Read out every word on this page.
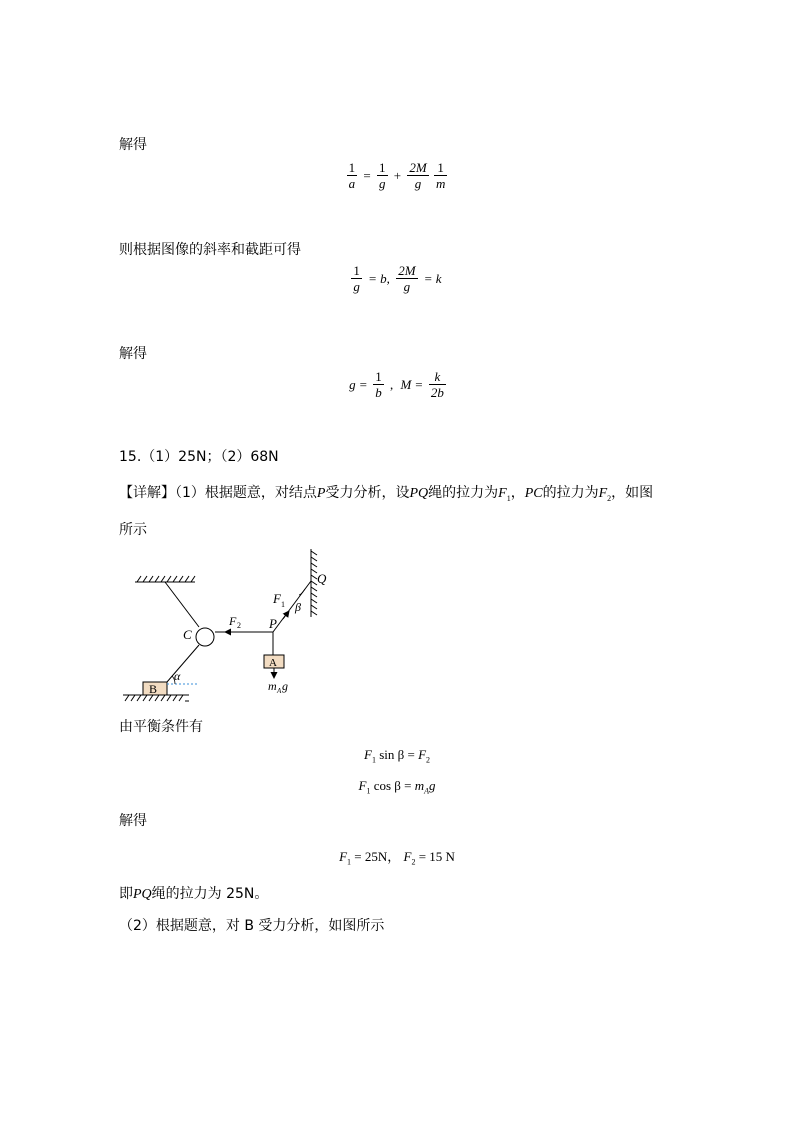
解得
$\frac{1}{a} = \frac{1}{g} + \frac{2M}{g}$
$\frac{1}{m}$
则根据图像的斜率和截距可得
$\frac{1}{g} = b$, $\frac{2M}{g} = k$
解得
$g = \frac{1}{b}$ , $M = \frac{k}{2b}$
15.（1）25N；（2）68N
【详解】（1）根据题意，对结点P受力分析，设PQ绳的拉力为$F_1$，PC的拉力为$F_2$，如图
所示
Q
F 1 β
F 2 P
C
A
α
B	m A g
由平衡条件有
$F_1$ $\sin \beta = F_2$
$F_1$ $\cos \beta = m_Ag$
解得
$F_1 = 25N$， $F_2 = 15$ N
即PQ绳的拉力为 25N。
（2）根据题意，对 B 受力分析，如图所示
